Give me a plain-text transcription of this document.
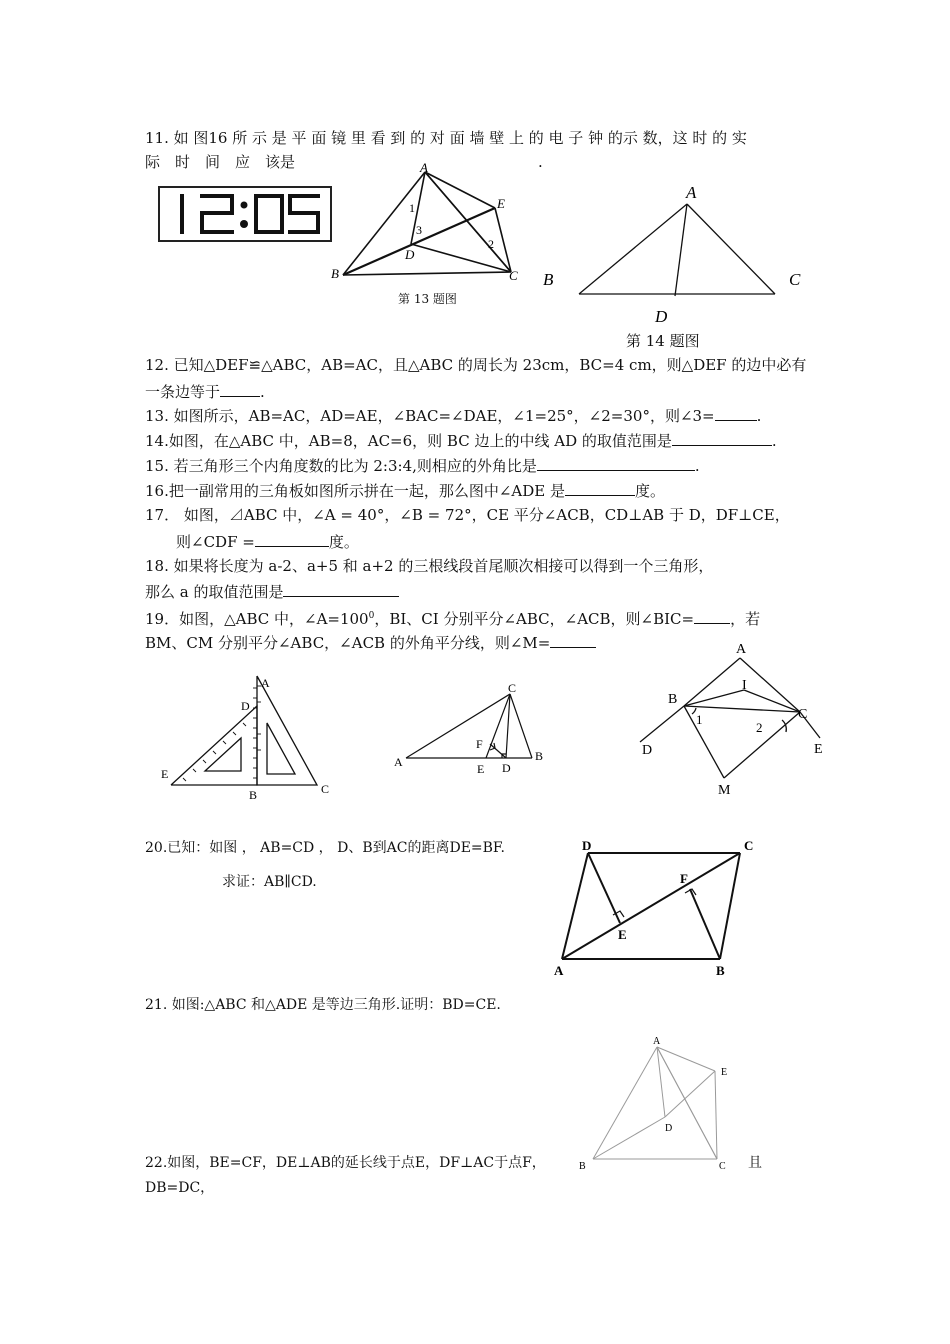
11. 如 图16 所 示 是 平 面 镜 里 看 到 的 对 面 墙 壁 上 的 电 子 钟 的示 数，这 时 的 实
际　时　间　应　该是	.
A
B	C
D
E
1
2
3
第 13 题图
A
B	C
D
第 14 题图
12. 已知△DEF≌△ABC，AB=AC，且△ABC 的周长为 23cm，BC=4 cm，则△DEF 的边中必有
一条边等于	.
13. 如图所示，AB=AC，AD=AE，∠BAC=∠DAE，∠1=25°，∠2=30°，则∠3=	.
14.如图，在△ABC 中，AB=8，AC=6，则 BC 边上的中线 AD 的取值范围是	.
15. 若三角形三个内角度数的比为 2:3:4,则相应的外角比是	.
16.把一副常用的三角板如图所示拼在一起，那么图中∠ADE 是	度。
17． 如图，⊿ABC 中，∠A = 40°，∠B = 72°，CE 平分∠ACB，CD⊥AB 于 D，DF⊥CE，
则∠CDF =	度。
18. 如果将长度为 a-2、a+5 和 a+2 的三根线段首尾顺次相接可以得到一个三角形，
那么 a 的取值范围是
19．如图，△ABC 中，$\angle A=100^0$，BI、CI 分别平分∠ABC，∠ACB，则∠BIC= ，若
BM、CM 分别平分∠ABC，∠ACB 的外角平分线，则∠M=
A
B	C
D
E
A	B
C
D
E
F
A
B
C
D	E
I
M
1
2
20.已知：如图 ， AB=CD ， D、B到AC的距离DE=BF.
求证：AB∥CD.
D	C
A	B
E
F
21. 如图:△ABC 和△ADE 是等边三角形.证明：BD=CE.
A
B	C
D
E
22.如图，BE=CF，DE⊥AB的延长线于点E，DF⊥AC于点F，	且
DB=DC，
